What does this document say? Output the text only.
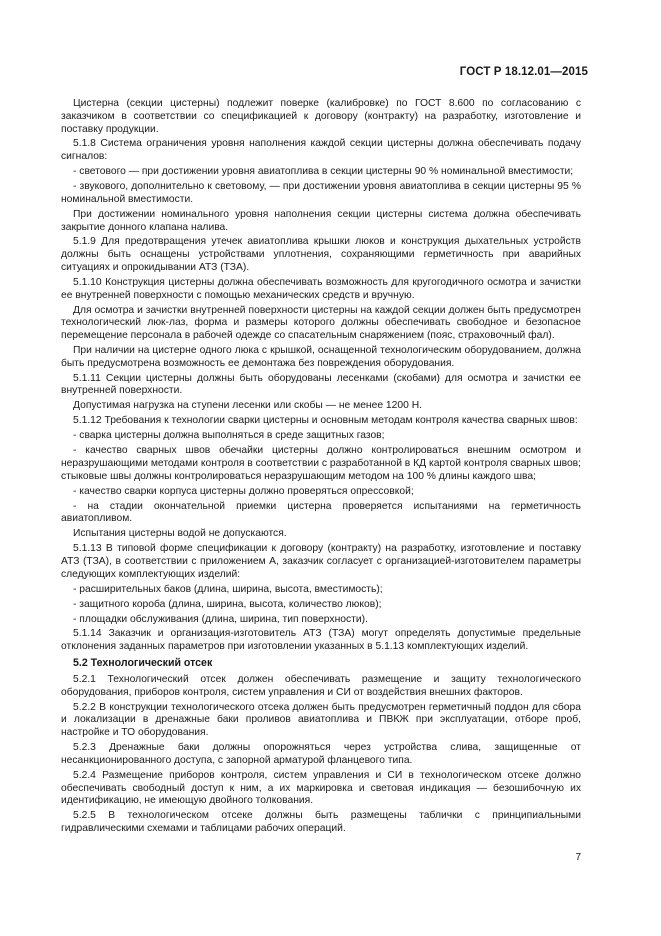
ГОСТ Р 18.12.01—2015

Цистерна (секции цистерны) подлежит поверке (калибровке) по ГОСТ 8.600 по согласованию с заказчиком в соответствии со спецификацией к договору (контракту) на разработку, изготовление и поставку продукции.

5.1.8 Система ограничения уровня наполнения каждой секции цистерны должна обеспечивать подачу сигналов:

- светового — при достижении уровня авиатоплива в секции цистерны 90 % номинальной вместимости;

- звукового, дополнительно к световому, — при достижении уровня авиатоплива в секции цистерны 95 % номинальной вместимости.

При достижении номинального уровня наполнения секции цистерны система должна обеспечивать закрытие донного клапана налива.

5.1.9 Для предотвращения утечек авиатоплива крышки люков и конструкция дыхательных устройств должны быть оснащены устройствами уплотнения, сохраняющими герметичность при аварийных ситуациях и опрокидывании АТЗ (ТЗА).

5.1.10 Конструкция цистерны должна обеспечивать возможность для кругогодичного осмотра и зачистки ее внутренней поверхности с помощью механических средств и вручную.

Для осмотра и зачистки внутренней поверхности цистерны на каждой секции должен быть предусмотрен технологический люк-лаз, форма и размеры которого должны обеспечивать свободное и безопасное перемещение персонала в рабочей одежде со спасательным снаряжением (пояс, страховочный фал).

При наличии на цистерне одного люка с крышкой, оснащенной технологическим оборудованием, должна быть предусмотрена возможность ее демонтажа без повреждения оборудования.

5.1.11 Секции цистерны должны быть оборудованы лесенками (скобами) для осмотра и зачистки ее внутренней поверхности.

Допустимая нагрузка на ступени лесенки или скобы — не менее 1200 Н.

5.1.12 Требования к технологии сварки цистерны и основным методам контроля качества сварных швов:

- сварка цистерны должна выполняться в среде защитных газов;

- качество сварных швов обечайки цистерны должно контролироваться внешним осмотром и неразрушающими методами контроля в соответствии с разработанной в КД картой контроля сварных швов; стыковые швы должны контролироваться неразрушающим методом на 100 % длины каждого шва;

- качество сварки корпуса цистерны должно проверяться опрессовкой;

- на стадии окончательной приемки цистерна проверяется испытаниями на герметичность авиатопливом.

Испытания цистерны водой не допускаются.

5.1.13 В типовой форме спецификации к договору (контракту) на разработку, изготовление и поставку АТЗ (ТЗА), в соответствии с приложением А, заказчик согласует с организацией-изготовителем параметры следующих комплектующих изделий:

- расширительных баков (длина, ширина, высота, вместимость);

- защитного короба (длина, ширина, высота, количество люков);

- площадки обслуживания (длина, ширина, тип поверхности).

5.1.14 Заказчик и организация-изготовитель АТЗ (ТЗА) могут определять допустимые предельные отклонения заданных параметров при изготовлении указанных в 5.1.13 комплектующих изделий.

5.2 Технологический отсек

5.2.1 Технологический отсек должен обеспечивать размещение и защиту технологического оборудования, приборов контроля, систем управления и СИ от воздействия внешних факторов.

5.2.2 В конструкции технологического отсека должен быть предусмотрен герметичный поддон для сбора и локализации в дренажные баки проливов авиатоплива и ПВКЖ при эксплуатации, отборе проб, настройке и ТО оборудования.

5.2.3 Дренажные баки должны опорожняться через устройства слива, защищенные от несанкционированного доступа, с запорной арматурой фланцевого типа.

5.2.4 Размещение приборов контроля, систем управления и СИ в технологическом отсеке должно обеспечивать свободный доступ к ним, а их маркировка и световая индикация — безошибочную их идентификацию, не имеющую двойного толкования.

5.2.5 В технологическом отсеке должны быть размещены таблички с принципиальными гидравлическими схемами и таблицами рабочих операций.

7
